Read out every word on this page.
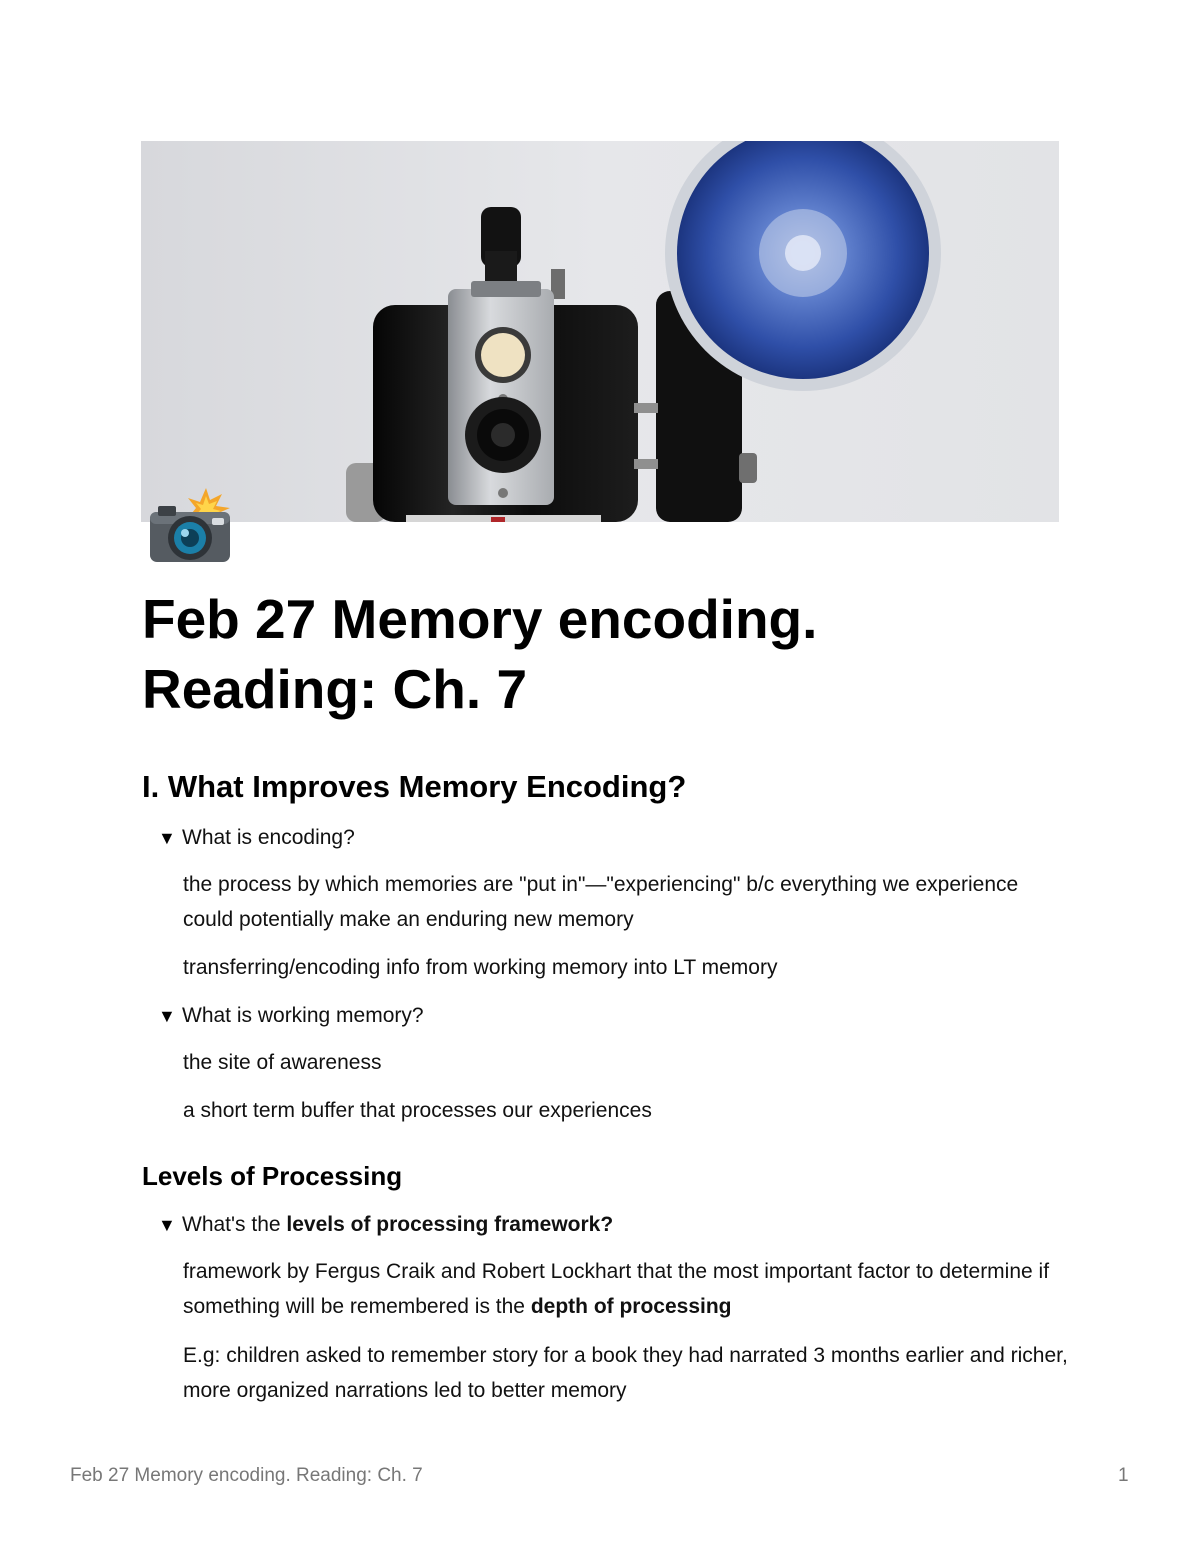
Feb 27 Memory encoding.
Reading: Ch. 7
I. What Improves Memory Encoding?
▼ What is encoding?
the process by which memories are "put in"—"experiencing" b/c everything we experience could potentially make an enduring new memory
transferring/encoding info from working memory into LT memory
▼ What is working memory?
the site of awareness
a short term buffer that processes our experiences
Levels of Processing
▼ What's the levels of processing framework?
framework by Fergus Craik and Robert Lockhart that the most important factor to determine if something will be remembered is the depth of processing
E.g: children asked to remember story for a book they had narrated 3 months earlier and richer, more organized narrations led to better memory
Feb 27 Memory encoding. Reading: Ch. 7	1
